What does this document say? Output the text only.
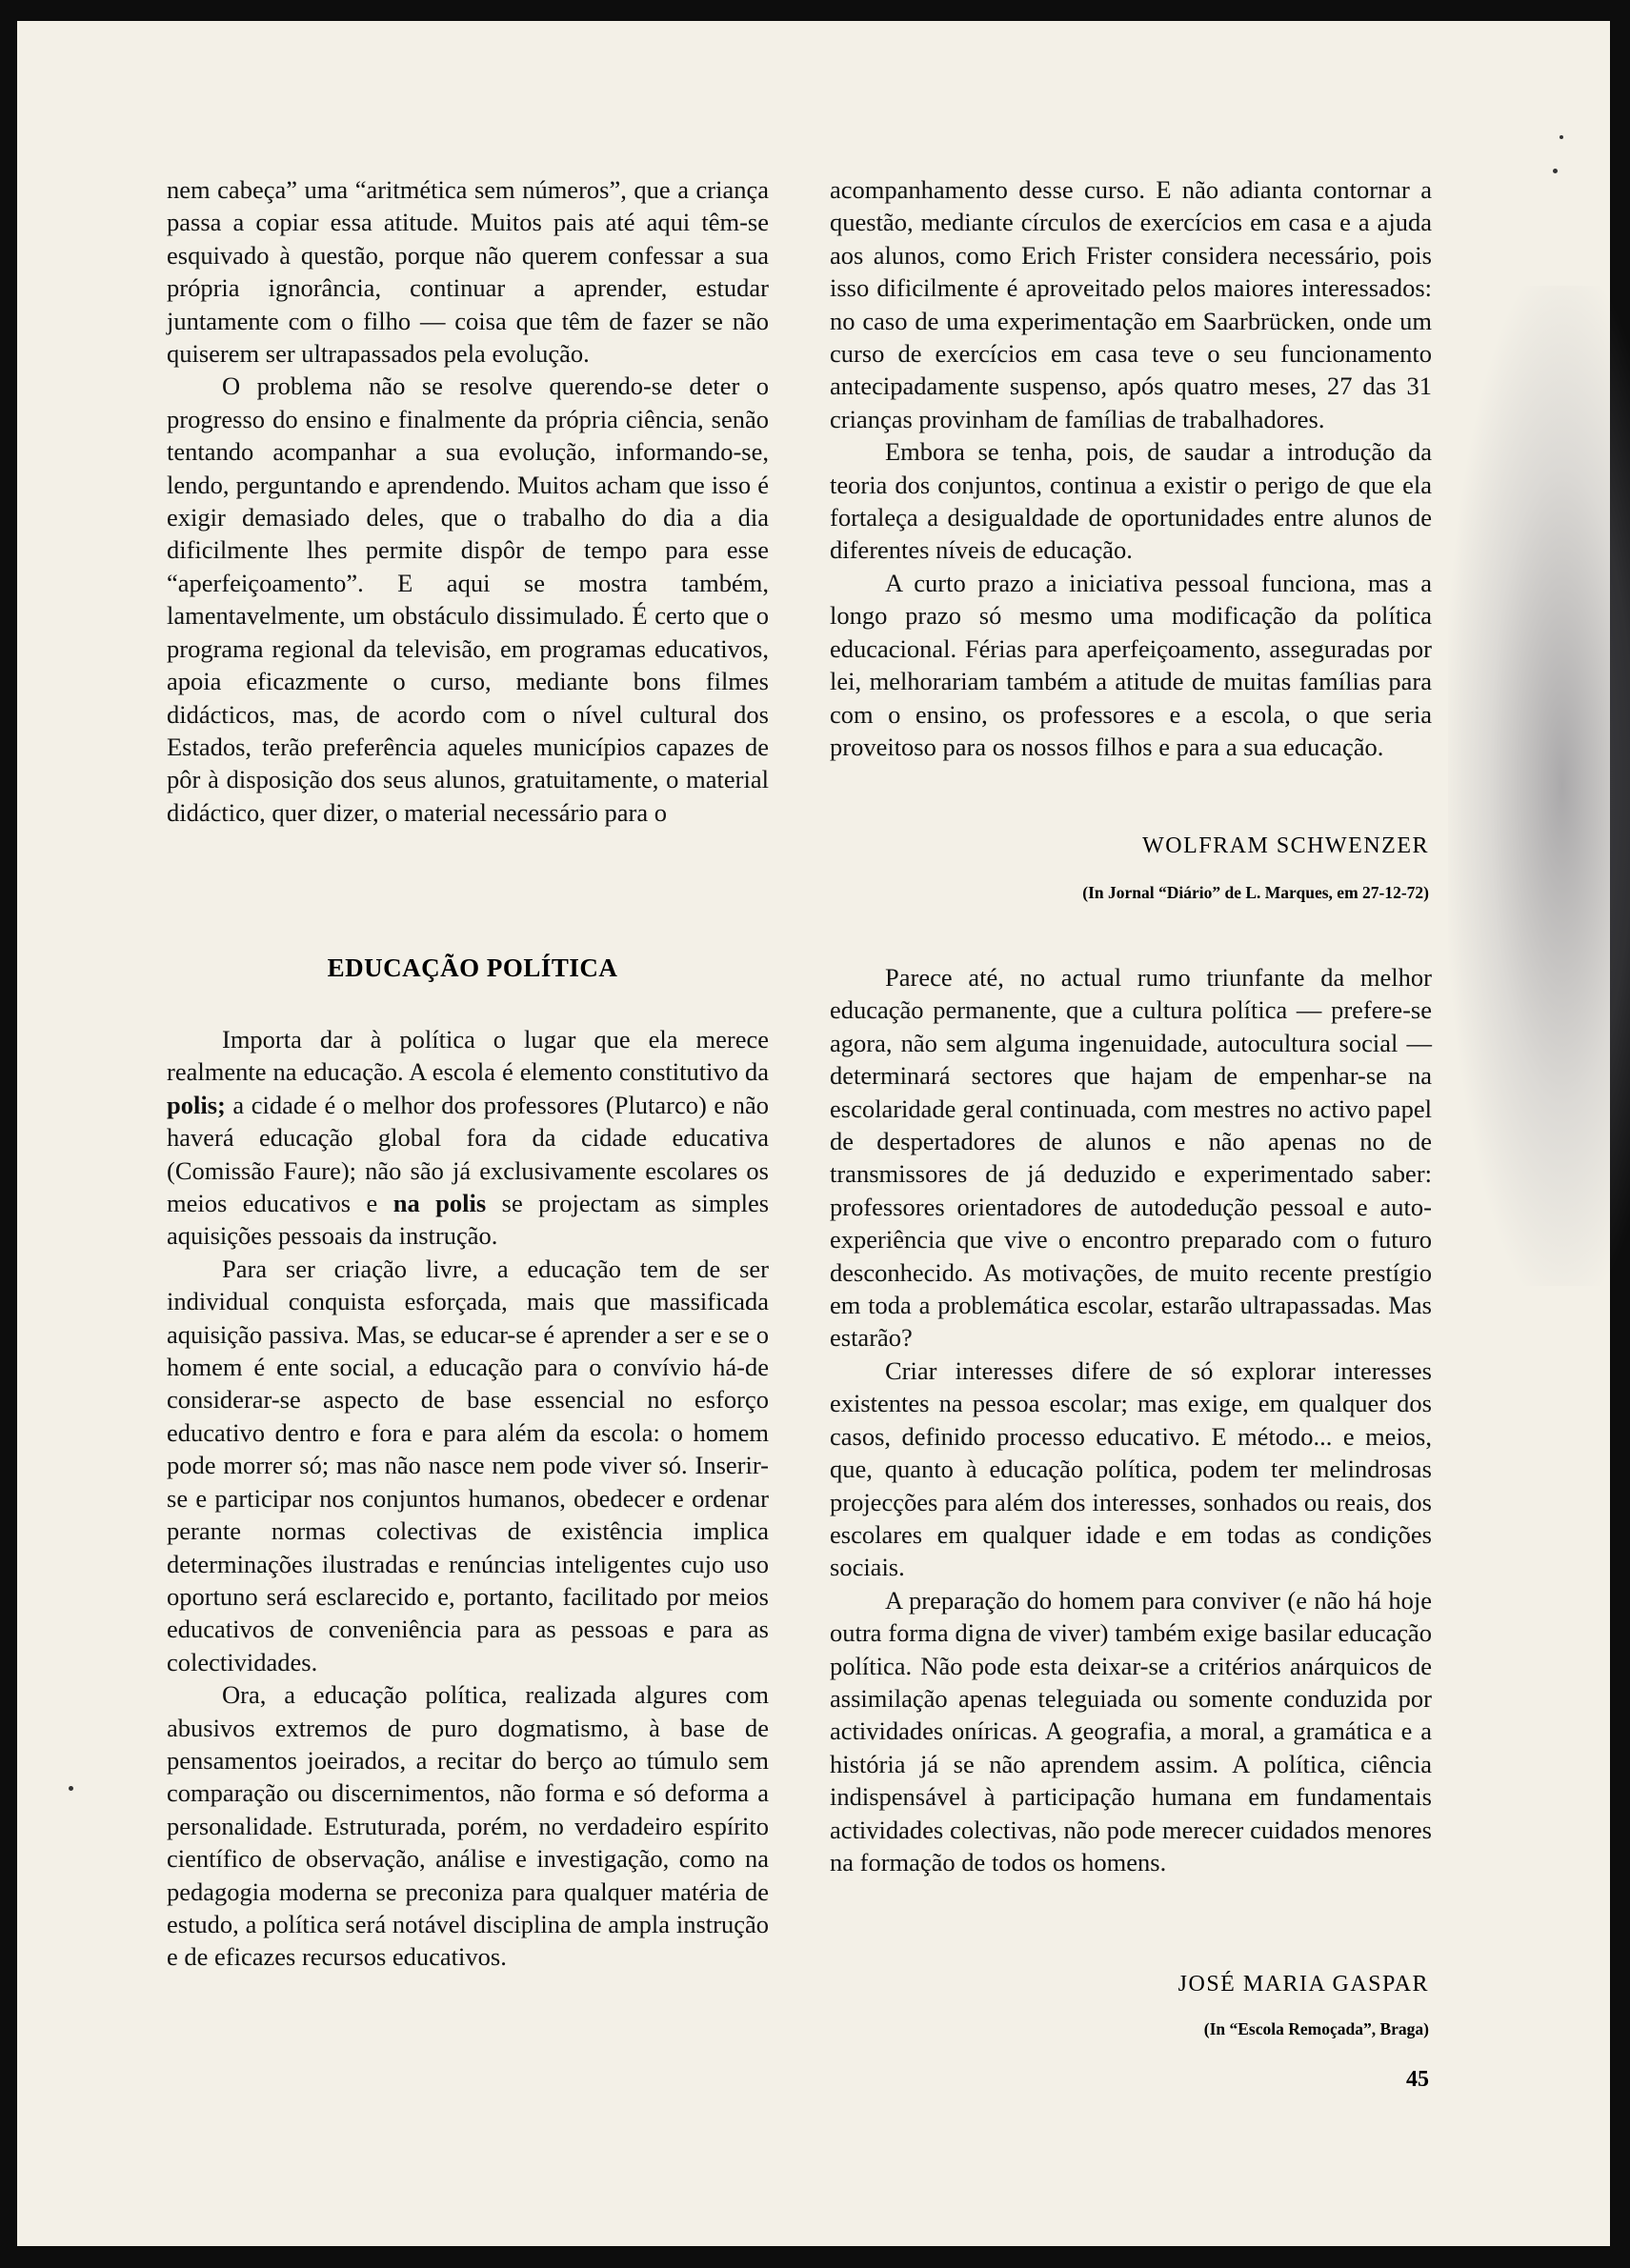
nem cabeça” uma “aritmética sem números”, que a criança passa a copiar essa atitude. Muitos pais até aqui têm-se esquivado à questão, porque não querem confessar a sua própria ignorância, continuar a aprender, estudar juntamente com o filho — coisa que têm de fazer se não quiserem ser ultrapassados pela evolução.

O problema não se resolve querendo-se deter o progresso do ensino e finalmente da própria ciência, senão tentando acompanhar a sua evolução, informando-se, lendo, perguntando e aprendendo. Muitos acham que isso é exigir demasiado deles, que o trabalho do dia a dia dificilmente lhes permite dispôr de tempo para esse “aperfeiçoamento”. E aqui se mostra também, lamentavelmente, um obstáculo dissimulado. É certo que o programa regional da televisão, em programas educativos, apoia eficazmente o curso, mediante bons filmes didácticos, mas, de acordo com o nível cultural dos Estados, terão preferência aqueles municípios capazes de pôr à disposição dos seus alunos, gratuitamente, o material didáctico, quer dizer, o material necessário para o

acompanhamento desse curso. E não adianta contornar a questão, mediante círculos de exercícios em casa e a ajuda aos alunos, como Erich Frister considera necessário, pois isso dificilmente é aproveitado pelos maiores interessados: no caso de uma experimentação em Saarbrücken, onde um curso de exercícios em casa teve o seu funcionamento antecipadamente suspenso, após quatro meses, 27 das 31 crianças provinham de famílias de trabalhadores.

Embora se tenha, pois, de saudar a introdução da teoria dos conjuntos, continua a existir o perigo de que ela fortaleça a desigualdade de oportunidades entre alunos de diferentes níveis de educação.

A curto prazo a iniciativa pessoal funciona, mas a longo prazo só mesmo uma modificação da política educacional. Férias para aperfeiçoamento, asseguradas por lei, melhorariam também a atitude de muitas famílias para com o ensino, os professores e a escola, o que seria proveitoso para os nossos filhos e para a sua educação.

WOLFRAM SCHWENZER

(In Jornal “Diário” de L. Marques, em 27-12-72)

EDUCAÇÃO POLÍTICA

Importa dar à política o lugar que ela merece realmente na educação. A escola é elemento constitutivo da polis; a cidade é o melhor dos professores (Plutarco) e não haverá educação global fora da cidade educativa (Comissão Faure); não são já exclusivamente escolares os meios educativos e na polis se projectam as simples aquisições pessoais da instrução.

Para ser criação livre, a educação tem de ser individual conquista esforçada, mais que massificada aquisição passiva. Mas, se educar-se é aprender a ser e se o homem é ente social, a educação para o convívio há-de considerar-se aspecto de base essencial no esforço educativo dentro e fora e para além da escola: o homem pode morrer só; mas não nasce nem pode viver só. Inserir-se e participar nos conjuntos humanos, obedecer e ordenar perante normas colectivas de existência implica determinações ilustradas e renúncias inteligentes cujo uso oportuno será esclarecido e, portanto, facilitado por meios educativos de conveniência para as pessoas e para as colectividades.

Ora, a educação política, realizada algures com abusivos extremos de puro dogmatismo, à base de pensamentos joeirados, a recitar do berço ao túmulo sem comparação ou discernimentos, não forma e só deforma a personalidade. Estruturada, porém, no verdadeiro espírito científico de observação, análise e investigação, como na pedagogia moderna se preconiza para qualquer matéria de estudo, a política será notável disciplina de ampla instrução e de eficazes recursos educativos.

Parece até, no actual rumo triunfante da melhor educação permanente, que a cultura política — prefere-se agora, não sem alguma ingenuidade, autocultura social — determinará sectores que hajam de empenhar-se na escolaridade geral continuada, com mestres no activo papel de despertadores de alunos e não apenas no de transmissores de já deduzido e experimentado saber: professores orientadores de autodedução pessoal e auto-experiência que vive o encontro preparado com o futuro desconhecido. As motivações, de muito recente prestígio em toda a problemática escolar, estarão ultrapassadas. Mas estarão?

Criar interesses difere de só explorar interesses existentes na pessoa escolar; mas exige, em qualquer dos casos, definido processo educativo. E método... e meios, que, quanto à educação política, podem ter melindrosas projecções para além dos interesses, sonhados ou reais, dos escolares em qualquer idade e em todas as condições sociais.

A preparação do homem para conviver (e não há hoje outra forma digna de viver) também exige basilar educação política. Não pode esta deixar-se a critérios anárquicos de assimilação apenas teleguiada ou somente conduzida por actividades oníricas. A geografia, a moral, a gramática e a história já se não aprendem assim. A política, ciência indispensável à participação humana em fundamentais actividades colectivas, não pode merecer cuidados menores na formação de todos os homens.

JOSÉ MARIA GASPAR

(In “Escola Remoçada”, Braga)

45
